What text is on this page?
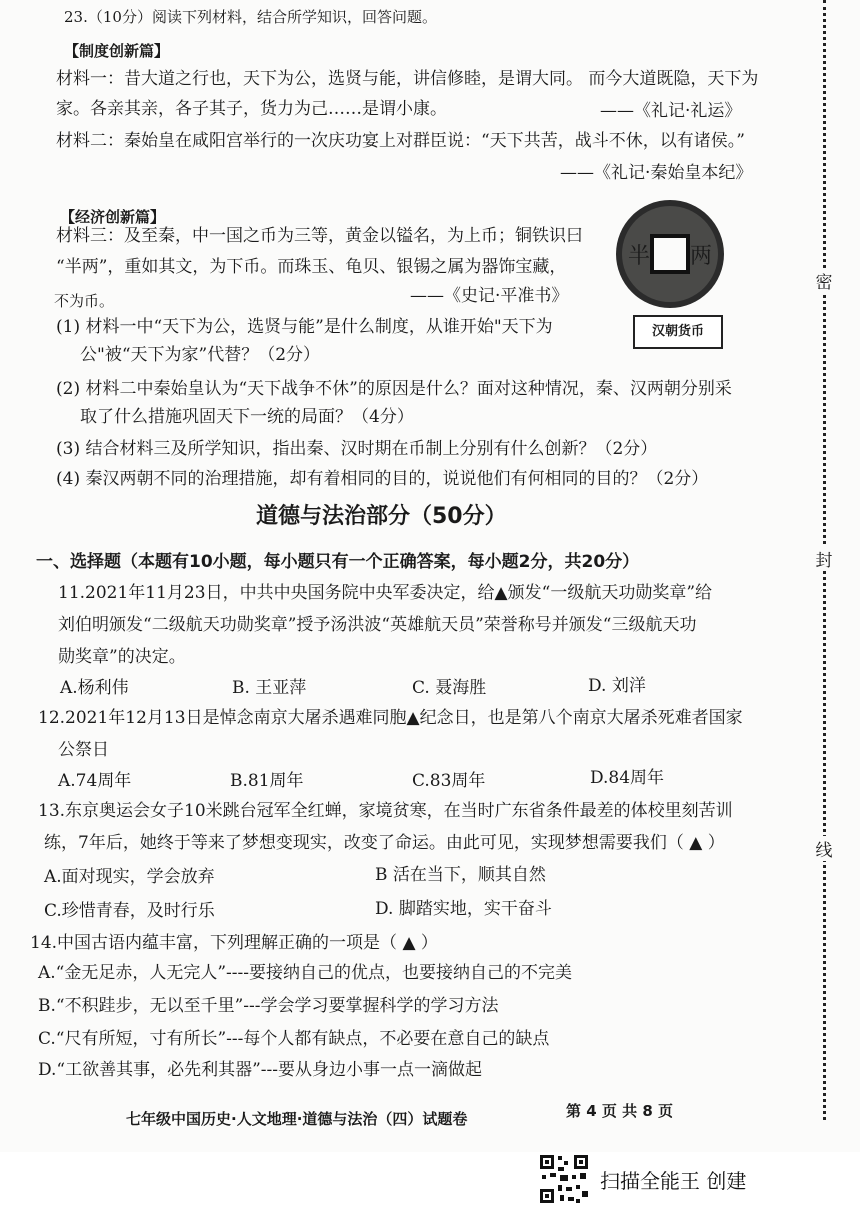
23.（10分）阅读下列材料，结合所学知识，回答问题。
【制度创新篇】
材料一：昔大道之行也，天下为公，选贤与能，讲信修睦，是谓大同。 而今大道既隐，天下为
家。各亲其亲，各子其子，货力为己……是谓小康。	——《礼记·礼运》
材料二：秦始皇在咸阳宫举行的一次庆功宴上对群臣说：“天下共苦，战斗不休，以有诸侯。”
——《礼记·秦始皇本纪》
【经济创新篇】
材料三：及至秦，中一国之币为三等，黄金以镒名，为上币；铜铁识曰
“半两”，重如其文，为下币。而珠玉、龟贝、银锡之属为器饰宝藏，
不为币。	——《史记·平准书》
半 两
汉朝货币
(1) 材料一中“天下为公，选贤与能”是什么制度，从谁开始"天下为
公"被“天下为家”代替？（2分）
(2) 材料二中秦始皇认为“天下战争不休”的原因是什么？面对这种情况，秦、汉两朝分别采
取了什么措施巩固天下一统的局面？（4分）
(3) 结合材料三及所学知识，指出秦、汉时期在币制上分别有什么创新？（2分）
(4) 秦汉两朝不同的治理措施，却有着相同的目的，说说他们有何相同的目的？（2分）
道德与法治部分（50分）
一、选择题（本题有10小题，每小题只有一个正确答案，每小题2分，共20分）
11.2021年11月23日，中共中央国务院中央军委决定，给▲颁发“一级航天功勋奖章”给
刘伯明颁发“二级航天功勋奖章”授予汤洪波“英雄航天员”荣誉称号并颁发“三级航天功
勋奖章”的决定。
A.杨利伟	B. 王亚萍	C. 聂海胜	D. 刘洋
12.2021年12月13日是悼念南京大屠杀遇难同胞▲纪念日，也是第八个南京大屠杀死难者国家
公祭日
A.74周年	B.81周年	C.83周年	D.84周年
13.东京奥运会女子10米跳台冠军全红蝉，家境贫寒，在当时广东省条件最差的体校里刻苦训
练，7年后，她终于等来了梦想变现实，改变了命运。由此可见，实现梦想需要我们（ ▲ ）
A.面对现实，学会放弃	B 活在当下，顺其自然
C.珍惜青春，及时行乐	D. 脚踏实地，实干奋斗
14.中国古语内蕴丰富，下列理解正确的一项是（ ▲ ）
A.“金无足赤，人无完人”----要接纳自己的优点，也要接纳自己的不完美
B.“不积跬步，无以至千里”---学会学习要掌握科学的学习方法
C.“尺有所短，寸有所长”---每个人都有缺点，不必要在意自己的缺点
D.“工欲善其事，必先利其器”---要从身边小事一点一滴做起
七年级中国历史·人文地理·道德与法治（四）试题卷	第 4 页 共 8 页
密
封
线
扫描全能王 创建
